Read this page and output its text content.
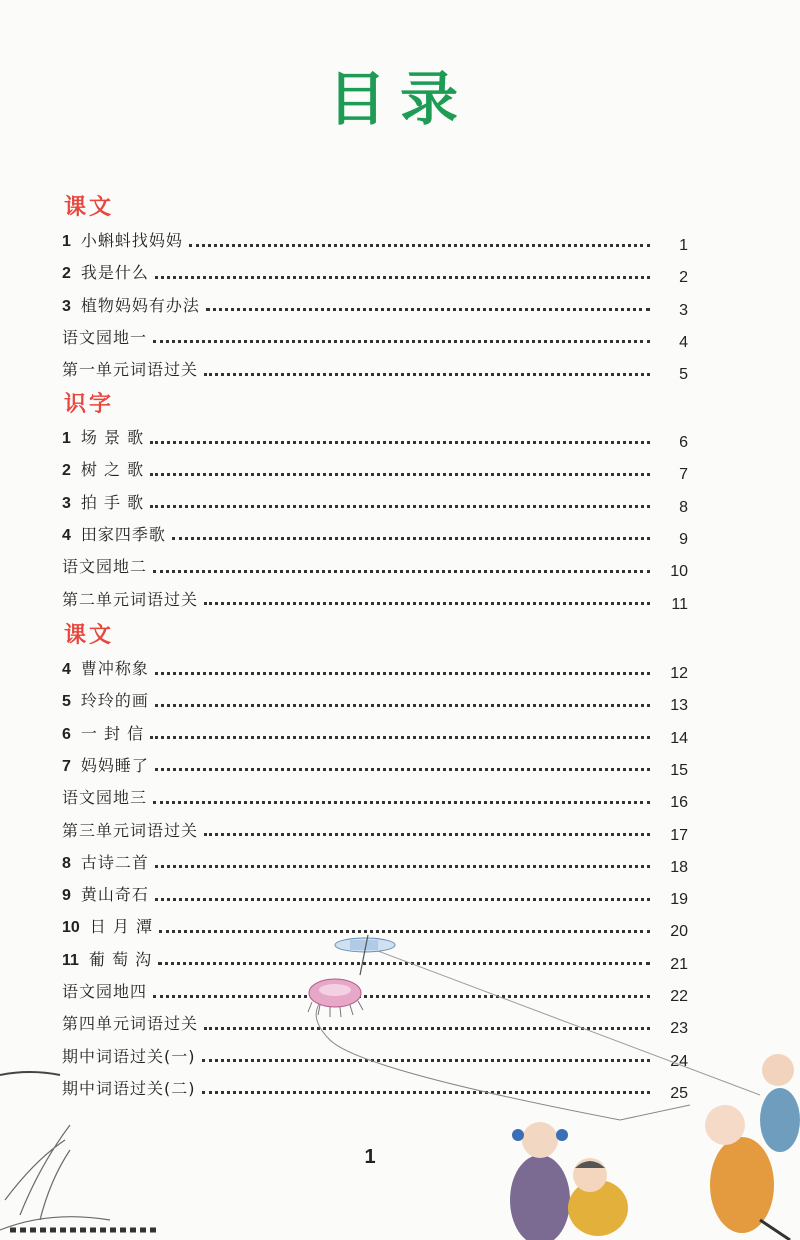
目录
课文
1 小蝌蚪找妈妈	1
2 我是什么	2
3 植物妈妈有办法	3
语文园地一	4
第一单元词语过关	5
识字
1 场 景 歌	6
2 树 之 歌	7
3 拍 手 歌	8
4 田家四季歌	9
语文园地二	10
第二单元词语过关	11
课文
4 曹冲称象	12
5 玲玲的画	13
6 一 封 信	14
7 妈妈睡了	15
语文园地三	16
第三单元词语过关	17
8 古诗二首	18
9 黄山奇石	19
10 日 月 潭	20
11 葡 萄 沟	21
语文园地四	22
第四单元词语过关	23
期中词语过关(一)	24
期中词语过关(二)	25
1
